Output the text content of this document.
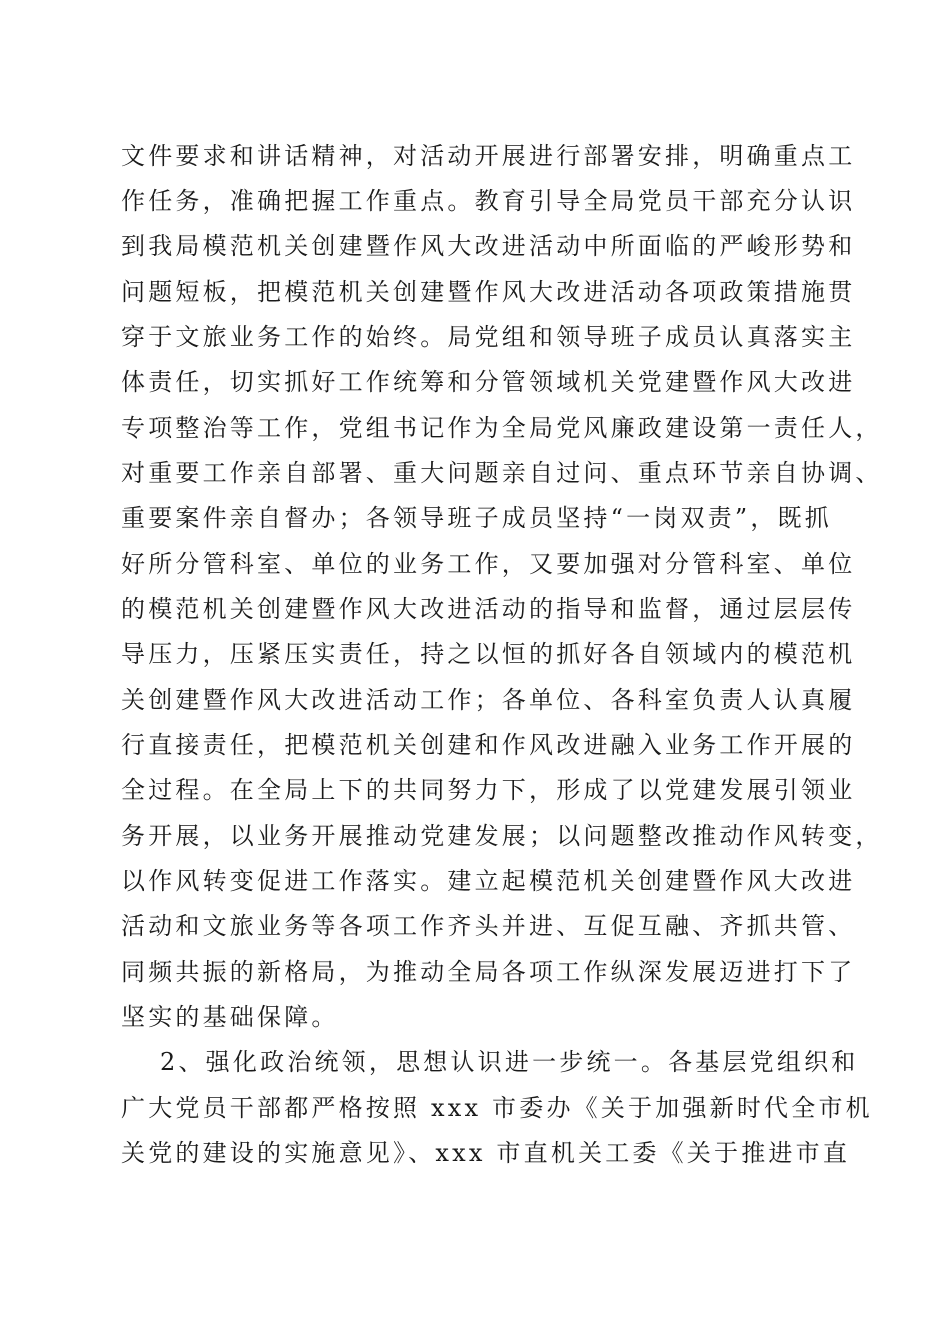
文件要求和讲话精神，对活动开展进行部署安排，明确重点工
作任务，准确把握工作重点。教育引导全局党员干部充分认识
到我局模范机关创建暨作风大改进活动中所面临的严峻形势和
问题短板，把模范机关创建暨作风大改进活动各项政策措施贯
穿于文旅业务工作的始终。局党组和领导班子成员认真落实主
体责任，切实抓好工作统筹和分管领域机关党建暨作风大改进
专项整治等工作，党组书记作为全局党风廉政建设第一责任人，
对重要工作亲自部署、重大问题亲自过问、重点环节亲自协调、
重要案件亲自督办；各领导班子成员坚持“一岗双责”，既抓
好所分管科室、单位的业务工作，又要加强对分管科室、单位
的模范机关创建暨作风大改进活动的指导和监督，通过层层传
导压力，压紧压实责任，持之以恒的抓好各自领域内的模范机
关创建暨作风大改进活动工作；各单位、各科室负责人认真履
行直接责任，把模范机关创建和作风改进融入业务工作开展的
全过程。在全局上下的共同努力下，形成了以党建发展引领业
务开展，以业务开展推动党建发展；以问题整改推动作风转变，
以作风转变促进工作落实。建立起模范机关创建暨作风大改进
活动和文旅业务等各项工作齐头并进、互促互融、齐抓共管、
同频共振的新格局，为推动全局各项工作纵深发展迈进打下了
坚实的基础保障。
2、强化政治统领，思想认识进一步统一。各基层党组织和
广大党员干部都严格按照 xxx 市委办《关于加强新时代全市机
关党的建设的实施意见》、xxx 市直机关工委《关于推进市直
